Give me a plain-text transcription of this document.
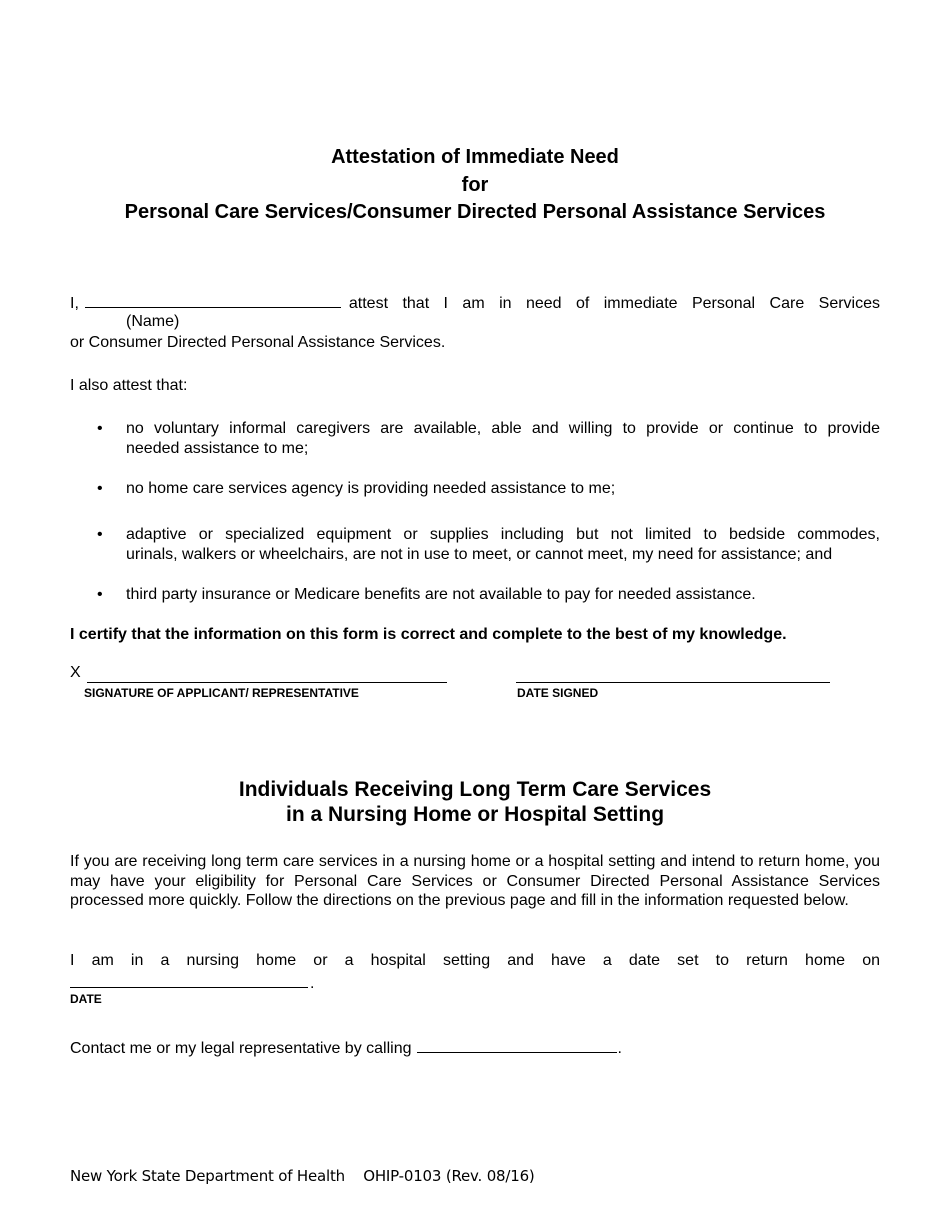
Attestation of Immediate Need
for
Personal Care Services/Consumer Directed Personal Assistance Services
I,	attest that I am in need of immediate Personal Care Services
(Name)
or Consumer Directed Personal Assistance Services.
I also attest that:
• no voluntary informal caregivers are available, able and willing to provide or continue to provide
needed assistance to me;
• no home care services agency is providing needed assistance to me;
• adaptive or specialized equipment or supplies including but not limited to bedside commodes,
urinals, walkers or wheelchairs, are not in use to meet, or cannot meet, my need for assistance; and
• third party insurance or Medicare benefits are not available to pay for needed assistance.
I certify that the information on this form is correct and complete to the best of my knowledge.
X
SIGNATURE OF APPLICANT/ REPRESENTATIVE	DATE SIGNED
Individuals Receiving Long Term Care Services
in a Nursing Home or Hospital Setting
If you are receiving long term care services in a nursing home or a hospital setting and intend to return home, you may have your eligibility for Personal Care Services or Consumer Directed Personal Assistance Services processed more quickly. Follow the directions on the previous page and fill in the information requested below.
I am in a nursing home or a hospital setting and have a date set to return home on
.
DATE
Contact me or my legal representative by calling	.
New York State Department of Health OHIP-0103 (Rev. 08/16)
